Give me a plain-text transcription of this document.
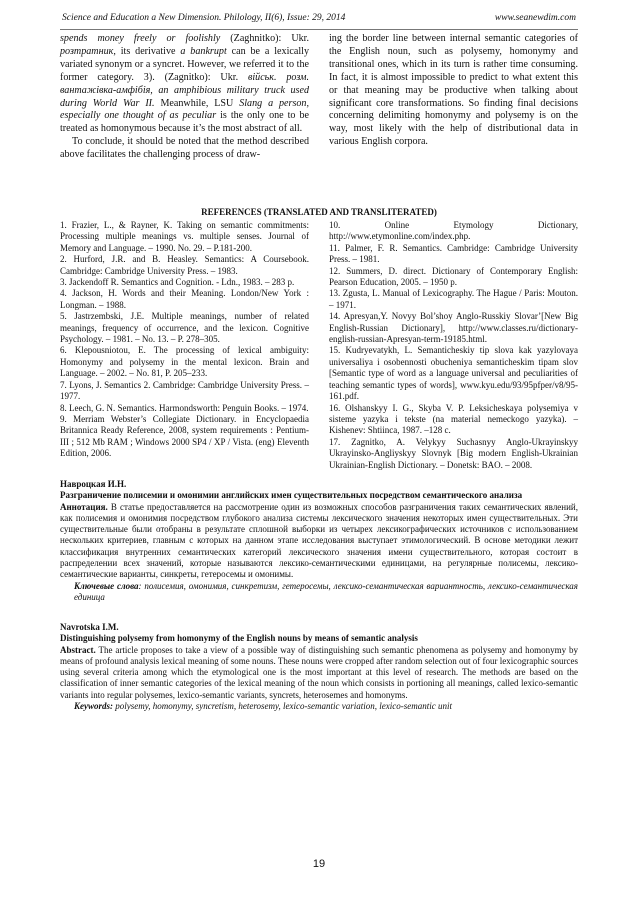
Science and Education a New Dimension. Philology, II(6), Issue: 29, 2014	www.seanewdim.com

spends money freely or foolishly (Zaghnitko): Ukr. розтратник, its derivative a bankrupt can be a lexically variated synonym or a syncret. However, we referred it to the former category. 3). (Zagnitko): Ukr. військ. розм. вантажівка-амфібія, an amphibious military truck used during World War II. Meanwhile, LSU Slang a person, especially one thought of as peculiar is the only one to be treated as homonymous because it’s the most abstract of all.

To conclude, it should be noted that the method described above facilitates the challenging process of draw-

ing the border line between internal semantic categories of the English noun, such as polysemy, homonymy and transitional ones, which in its turn is rather time consuming. In fact, it is almost impossible to predict to what extent this or that meaning may be productive when talking about significant core transformations. So finding final decisions concerning delimiting homonymy and polysemy is on the way, most likely with the help of distributional data in various English corpora.

REFERENCES (TRANSLATED AND TRANSLITERATED)
1. Frazier, L., & Rayner, K. Taking on semantic commitments: Processing multiple meanings vs. multiple senses. Journal of Memory and Language. – 1990. No. 29. – P.181-200.
2. Hurford, J.R. and B. Heasley. Semantics: A Coursebook. Cambridge: Cambridge University Press. – 1983.
3. Jackendoff R. Semantics and Cognition. - Ldn., 1983. – 283 p.
4. Jackson, H. Words and their Meaning. London/New York : Longman. – 1988.
5. Jastrzembski, J.E. Multiple meanings, number of related meanings, frequency of occurrence, and the lexicon. Cognitive Psychology. – 1981. – No. 13. – P. 278–305.
6. Klepousniotou, E. The processing of lexical ambiguity: Homonymy and polysemy in the mental lexicon. Brain and Language. – 2002. – No. 81, P. 205–233.
7. Lyons, J. Semantics 2. Cambridge: Cambridge University Press. – 1977.
8. Leech, G. N. Semantics. Harmondsworth: Penguin Books. – 1974.
9. Merriam Webster’s Collegiate Dictionary. in Encyclopaedia Britannica Ready Reference, 2008, system requirements : Pentium-III ; 512 Mb RAM ; Windows 2000 SP4 / XP / Vista. (eng) Eleventh Edition, 2006.
10. Online Etymology Dictionary, http://www.etymonline.com/index.php.
11. Palmer, F. R. Semantics. Cambridge: Cambridge University Press. – 1981.
12. Summers, D. direct. Dictionary of Contemporary English: Pearson Education, 2005. – 1950 p.
13. Zgusta, L. Manual of Lexicography. The Hague / Paris: Mouton. – 1971.
14. Apresyan,Y. Novyy Bol’shoy Anglo-Russkiy Slovar’[New Big English-Russian Dictionary], http://www.classes.ru/dictionary-english-russian-Apresyan-term-19185.html.
15. Kudryevatykh, L. Semanticheskiy tip slova kak yazylovaya universaliya i osobennosti obucheniya semanticheskim tipam slov [Semantic type of word as a language universal and peculiarities of teaching semantic types of words], www.kyu.edu/93/95pfper/v8/95-161.pdf.
16. Olshanskyy I. G., Skyba V. P. Leksicheskaya polysemiya v sisteme yazyka i tekste (na material nemeckogo yazyka). – Kishenev: Shtiinca, 1987. –128 с.
17. Zagnitko, A. Velykyy Suchasnyy Anglo-Ukrayinskyy Ukrayinsko-Angliyskyy Slovnyk [Big modern English-Ukrainian Ukrainian-English Dictionary. – Donetsk: BAO. – 2008.
Навроцкая И.Н.
Разграничение полисемии и омонимии английских имен существительных посредством семантического анализа
Аннотация. В статье предоставляется на рассмотрение один из возможных способов разграничения таких семантических явлений, как полисемия и омонимия посредством глубокого анализа системы лексического значения некоторых имен существительных. Эти существительные были отобраны в результате сплошной выборки из четырех лексикографических источников с использованием нескольких критериев, главным с которых на данном этапе исследования выступает этимологический. В основе методики лежит классификация внутренних семантических категорий лексического значения имени существительного, которая состоит в распределении всех значений, которые называются лексико-семантическими единицами, на регулярные полисемы, лексико-семантические варианты, синкреты, гетеросемы и омонимы.
Ключевые слова: полисемия, омонимия, синкретизм, гетеросемы, лексико-семантическая вариантность, лексико-семантическая единица
Navrotska I.M.
Distinguishing polysemy from homonymy of the English nouns by means of semantic analysis
Abstract. The article proposes to take a view of a possible way of distinguishing such semantic phenomena as polysemy and homonymy by means of profound analysis lexical meaning of some nouns. These nouns were cropped after random selection out of four lexicographic sources using several criteria among which the etymological one is the most important at this level of research. The methods are based on the classification of inner semantic categories of the lexical meaning of the noun which consists in portioning all meanings, called lexico-semantic variants into regular polysemes, lexico-semantic variants, syncrets, heterosemes and homonyms.
Keywords: polysemy, homonymy, syncretism, heterosemy, lexico-semantic variation, lexico-semantic unit
19
